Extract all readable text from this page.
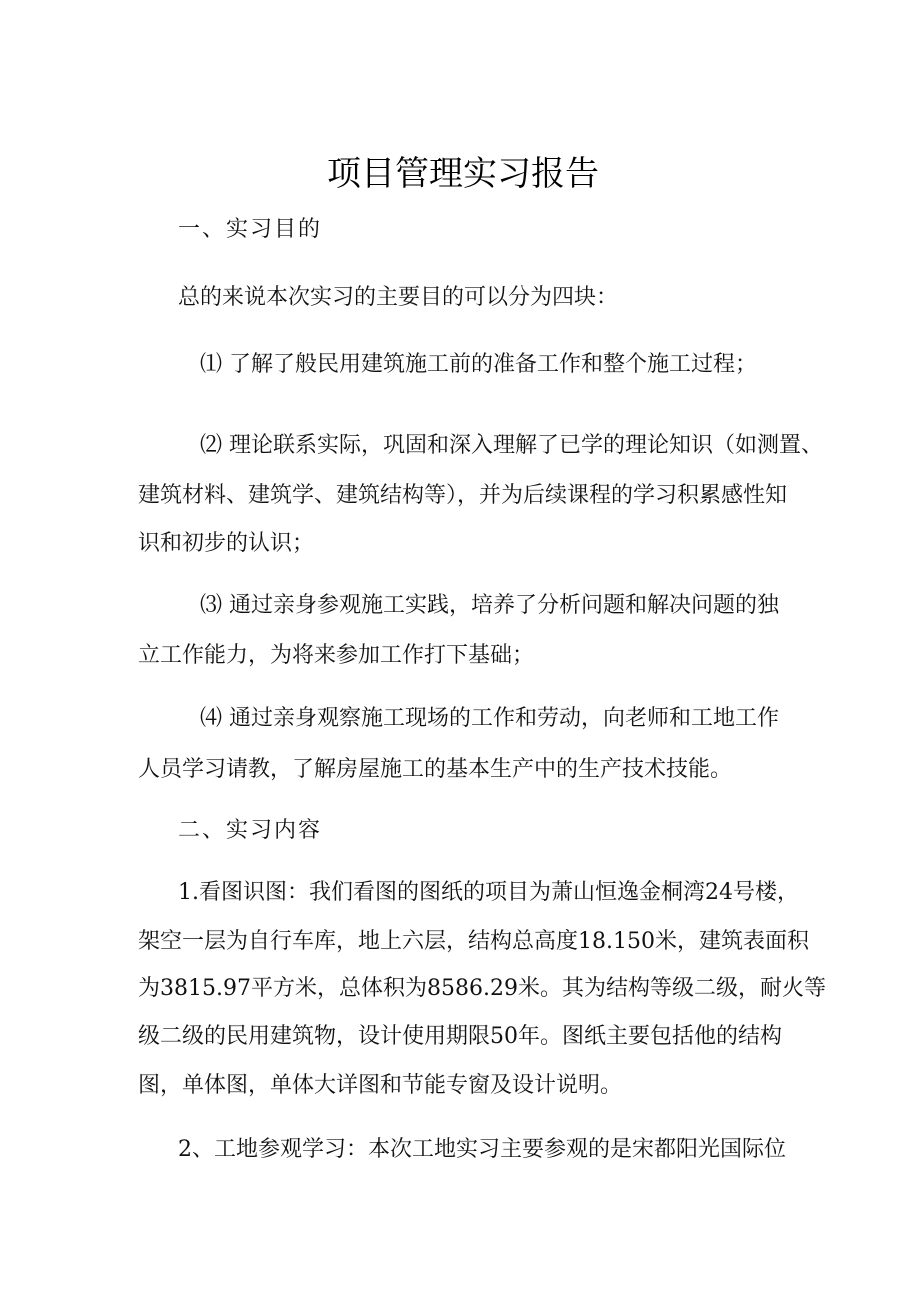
项目管理实习报告
一、实习目的
总的来说本次实习的主要目的可以分为四块：
⑴ 了解了般民用建筑施工前的准备工作和整个施工过程；
⑵ 理论联系实际，巩固和深入理解了已学的理论知识（如测置、
建筑材料、建筑学、建筑结构等），并为后续课程的学习积累感性知
识和初步的认识；
⑶ 通过亲身参观施工实践，培养了分析问题和解决问题的独
立工作能力，为将来参加工作打下基础；
⑷ 通过亲身观察施工现场的工作和劳动，向老师和工地工作
人员学习请教，了解房屋施工的基本生产中的生产技术技能。
二、实习内容
1.看图识图：我们看图的图纸的项目为萧山恒逸金桐湾24号楼，
架空一层为自行车库，地上六层，结构总高度18.150米，建筑表面积
为3815.97平方米，总体积为8586.29米。其为结构等级二级，耐火等
级二级的民用建筑物，设计使用期限50年。图纸主要包括他的结构
图，单体图，单体大详图和节能专窗及设计说明。
2、工地参观学习：本次工地实习主要参观的是宋都阳光国际位
